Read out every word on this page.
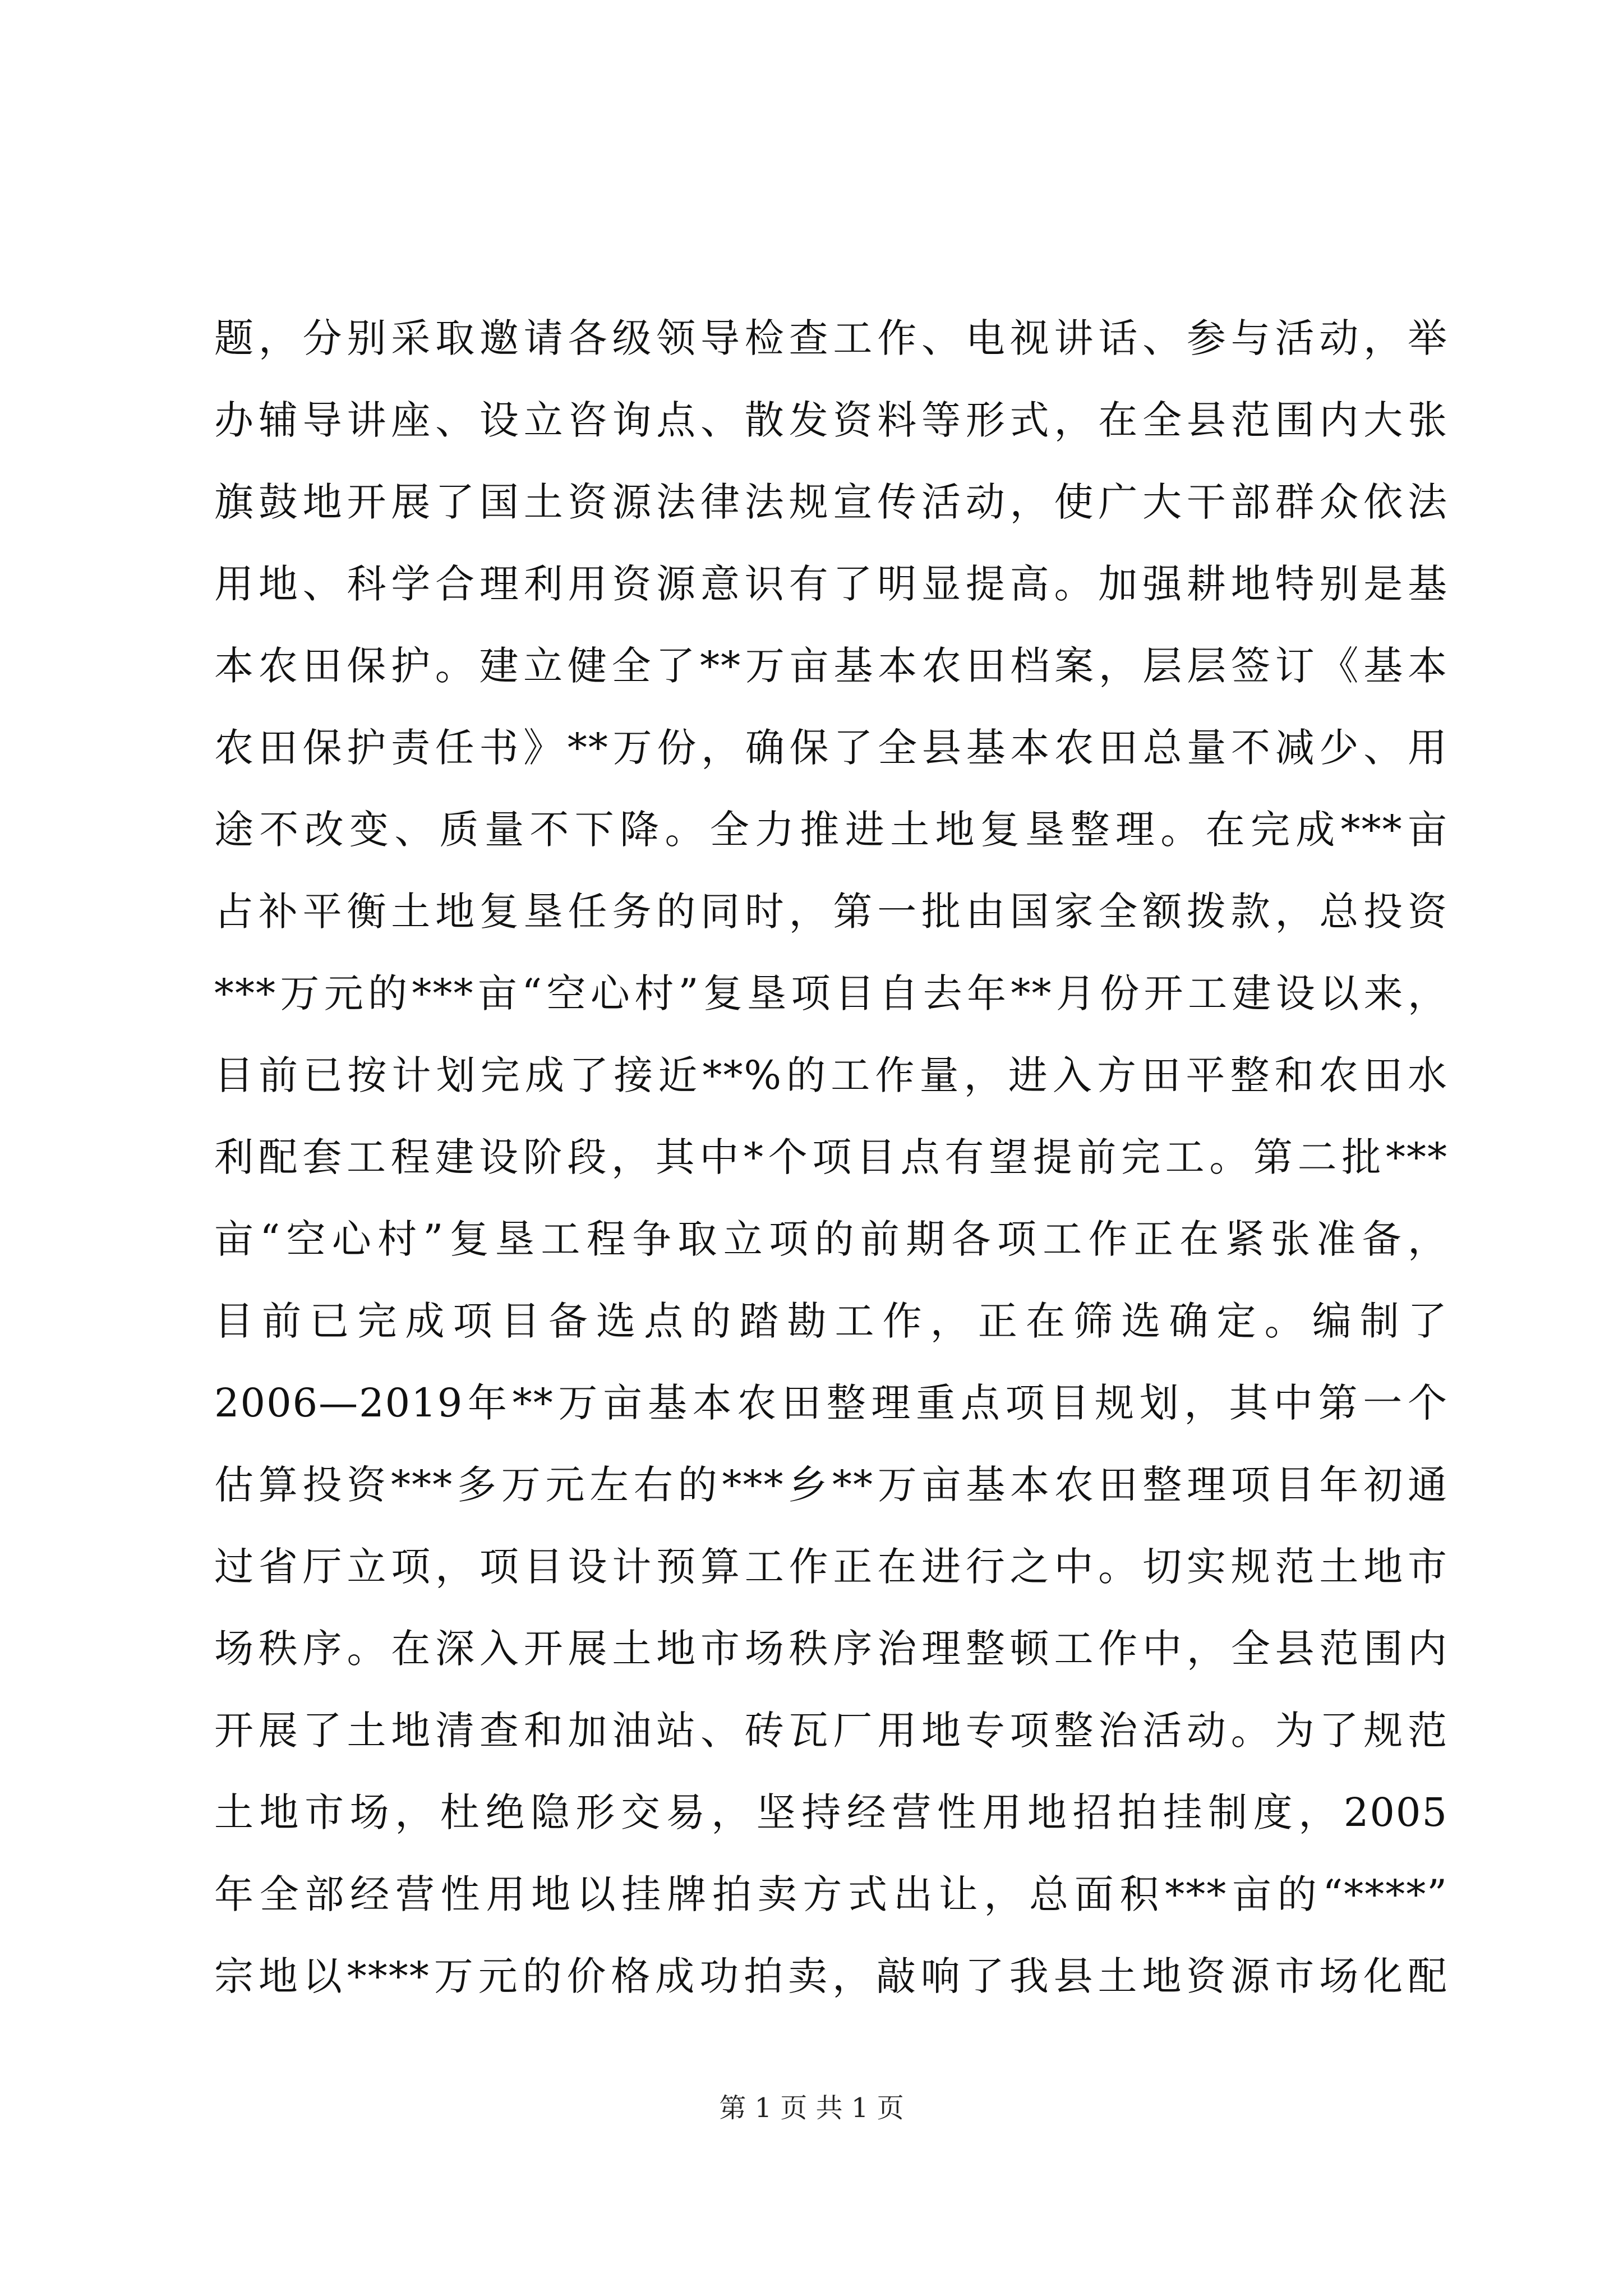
题，分别采取邀请各级领导检查工作、电视讲话、参与活动，举
办辅导讲座、设立咨询点、散发资料等形式，在全县范围内大张
旗鼓地开展了国土资源法律法规宣传活动，使广大干部群众依法
用地、科学合理利用资源意识有了明显提高。加强耕地特别是基
本农田保护。建立健全了**万亩基本农田档案，层层签订《基本
农田保护责任书》**万份，确保了全县基本农田总量不减少、用
途不改变、质量不下降。全力推进土地复垦整理。在完成***亩
占补平衡土地复垦任务的同时，第一批由国家全额拨款，总投资
***万元的***亩“空心村”复垦项目自去年**月份开工建设以来，
目前已按计划完成了接近**%的工作量，进入方田平整和农田水
利配套工程建设阶段，其中*个项目点有望提前完工。第二批***
亩“空心村”复垦工程争取立项的前期各项工作正在紧张准备，
目前已完成项目备选点的踏勘工作，正在筛选确定。编制了
2006—2019年**万亩基本农田整理重点项目规划，其中第一个
估算投资***多万元左右的***乡**万亩基本农田整理项目年初通
过省厅立项，项目设计预算工作正在进行之中。切实规范土地市
场秩序。在深入开展土地市场秩序治理整顿工作中，全县范围内
开展了土地清查和加油站、砖瓦厂用地专项整治活动。为了规范
土地市场，杜绝隐形交易，坚持经营性用地招拍挂制度，2005
年全部经营性用地以挂牌拍卖方式出让，总面积***亩的“****”
宗地以****万元的价格成功拍卖，敲响了我县土地资源市场化配
第 1 页 共 1 页
